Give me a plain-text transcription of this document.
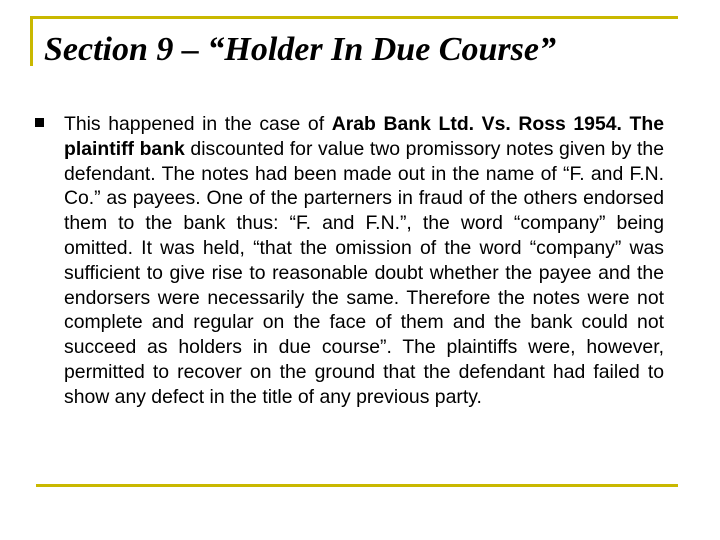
Section 9 – “Holder In Due Course”

This happened in the case of Arab Bank Ltd. Vs. Ross 1954. The plaintiff bank discounted for value two promissory notes given by the defendant. The notes had been made out in the name of “F. and F.N. Co.” as payees. One of the parterners in fraud of the others endorsed them to the bank thus: “F. and F.N.”, the word “company” being omitted. It was held, “that the omission of the word “company” was sufficient to give rise to reasonable doubt whether the payee and the endorsers were necessarily the same. Therefore the notes were not complete and regular on the face of them and the bank could not succeed as holders in due course”. The plaintiffs were, however, permitted to recover on the ground that the defendant had failed to show any defect in the title of any previous party.
